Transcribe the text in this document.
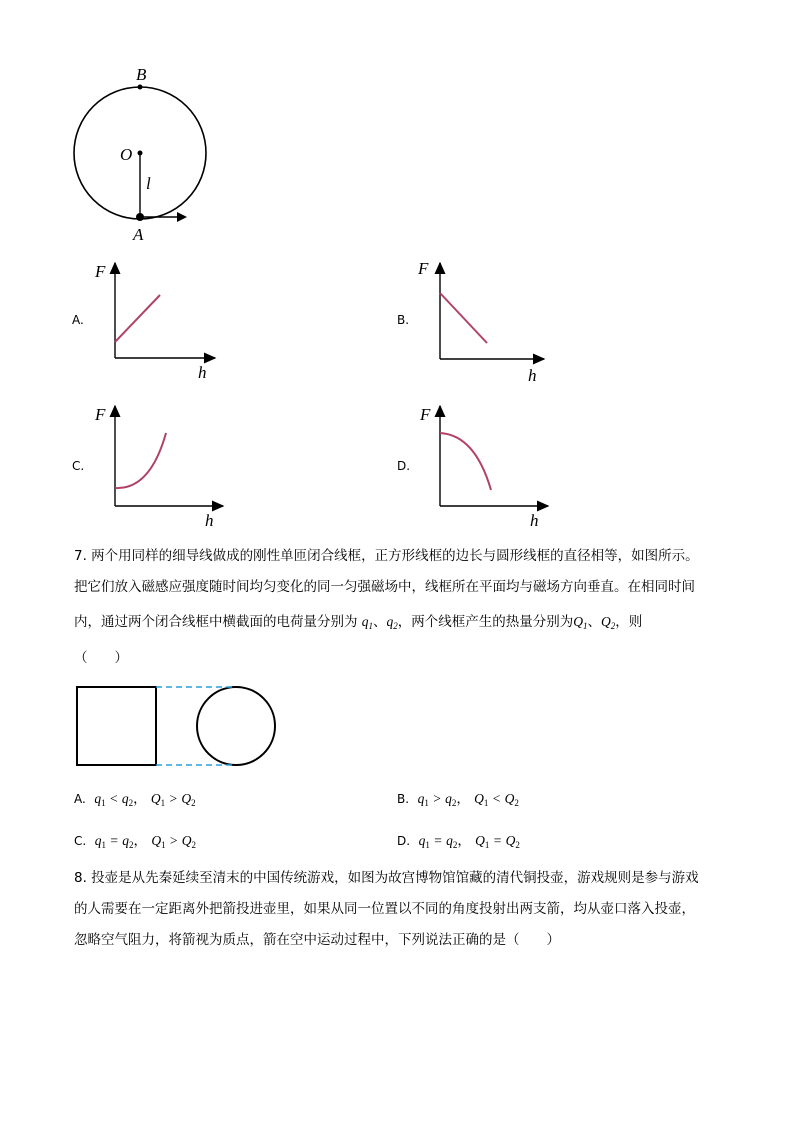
B
O
l
A
A.
F
h
B.
F
h
C.
F
h
D.
F
h
7. 两个用同样的细导线做成的刚性单匝闭合线框，正方形线框的边长与圆形线框的直径相等，如图所示。
把它们放入磁感应强度随时间均匀变化的同一匀强磁场中，线框所在平面均与磁场方向垂直。在相同时间
内，通过两个闭合线框中横截面的电荷量分别为 $q_1$、$q_2$，两个线框产生的热量分别为$Q_1$、$Q_2$，则
（　　）
A. $q_1 < q_2$， $Q_1 > Q_2$	B. $q_1 > q_2$， $Q_1 < Q_2$
C. $q_1 = q_2$， $Q_1 > Q_2$	D. $q_1 = q_2$， $Q_1 = Q_2$
8. 投壶是从先秦延续至清末的中国传统游戏，如图为故宫博物馆馆藏的清代铜投壶，游戏规则是参与游戏
的人需要在一定距离外把箭投进壶里，如果从同一位置以不同的角度投射出两支箭，均从壶口落入投壶，
忽略空气阻力，将箭视为质点，箭在空中运动过程中，下列说法正确的是（　　）
